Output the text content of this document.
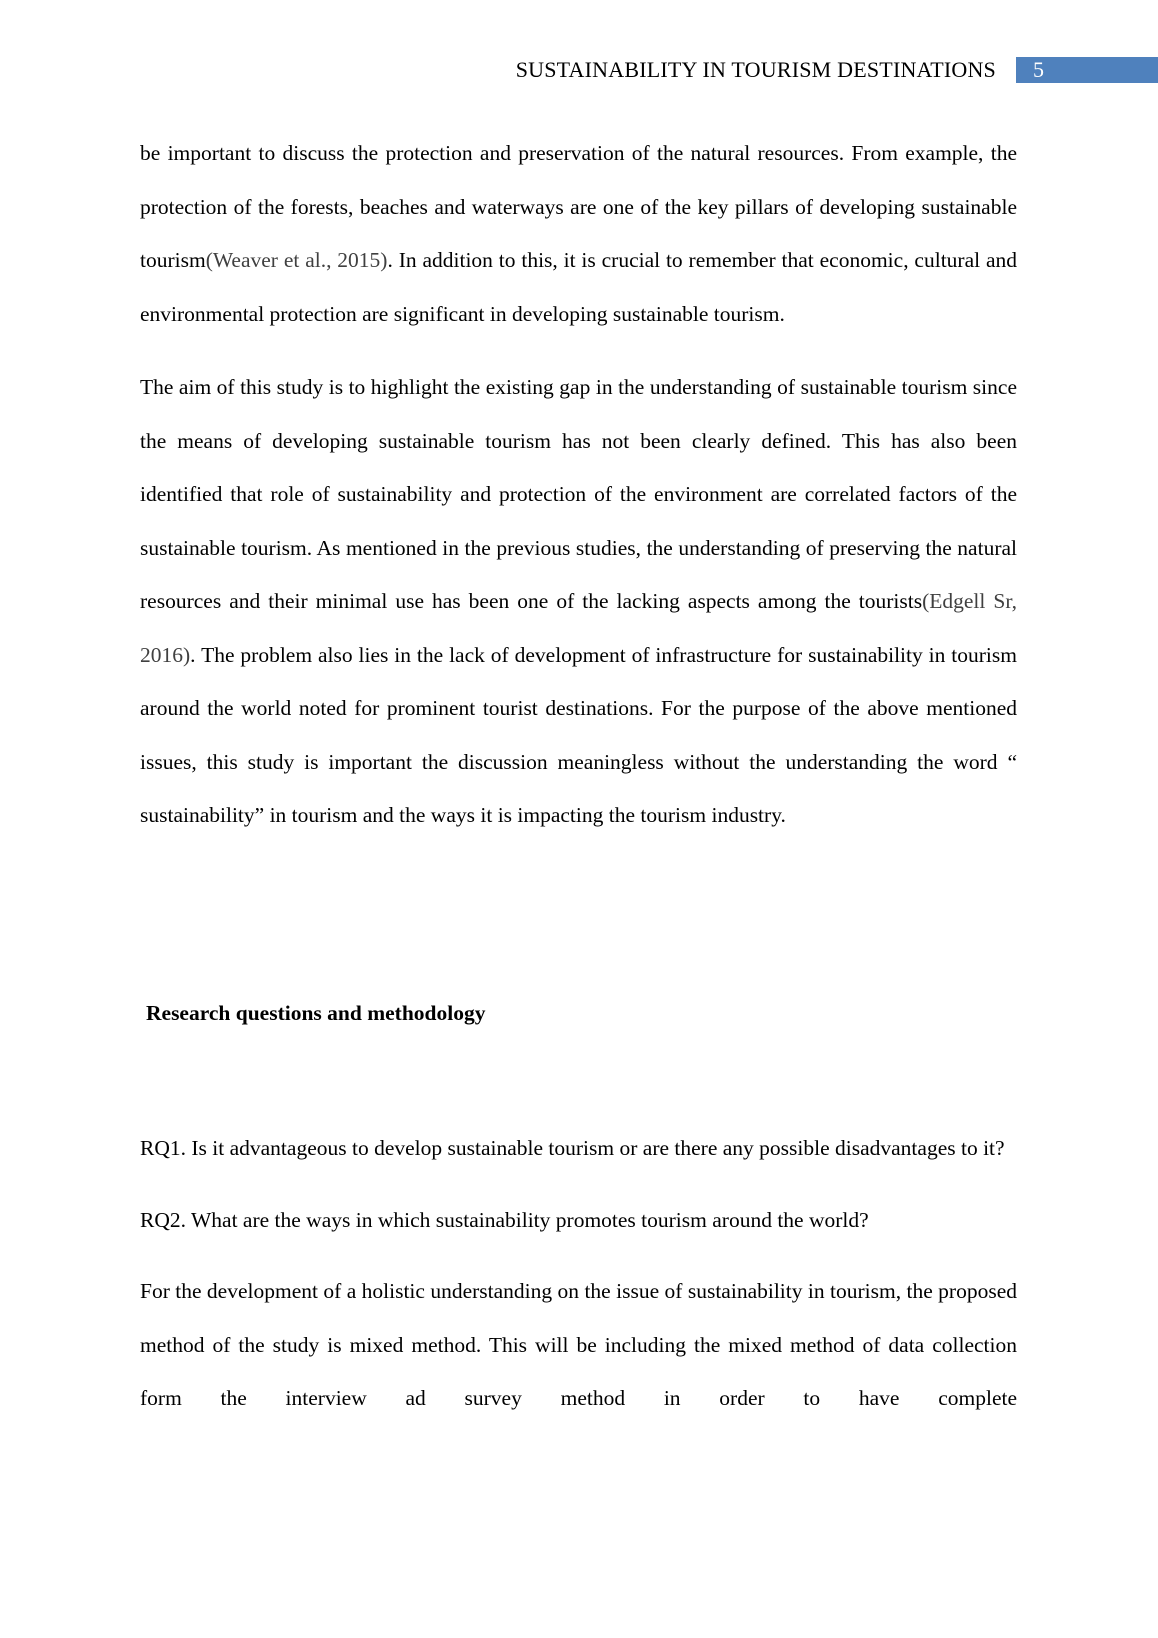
SUSTAINABILITY IN TOURISM DESTINATIONS 5

be important to discuss the protection and preservation of the natural resources. From example, the protection of the forests, beaches and waterways are one of the key pillars of developing sustainable tourism(Weaver et al., 2015). In addition to this, it is crucial to remember that economic, cultural and environmental protection are significant in developing sustainable tourism.

The aim of this study is to highlight the existing gap in the understanding of sustainable tourism since the means of developing sustainable tourism has not been clearly defined. This has also been identified that role of sustainability and protection of the environment are correlated factors of the sustainable tourism. As mentioned in the previous studies, the understanding of preserving the natural resources and their minimal use has been one of the lacking aspects among the tourists(Edgell Sr, 2016). The problem also lies in the lack of development of infrastructure for sustainability in tourism around the world noted for prominent tourist destinations. For the purpose of the above mentioned issues, this study is important the discussion meaningless without the understanding the word “ sustainability” in tourism and the ways it is impacting the tourism industry.

Research questions and methodology

RQ1. Is it advantageous to develop sustainable tourism or are there any possible disadvantages to it?

RQ2. What are the ways in which sustainability promotes tourism around the world?

For the development of a holistic understanding on the issue of sustainability in tourism, the proposed method of the study is mixed method. This will be including the mixed method of data collection form the interview ad survey method in order to have complete
